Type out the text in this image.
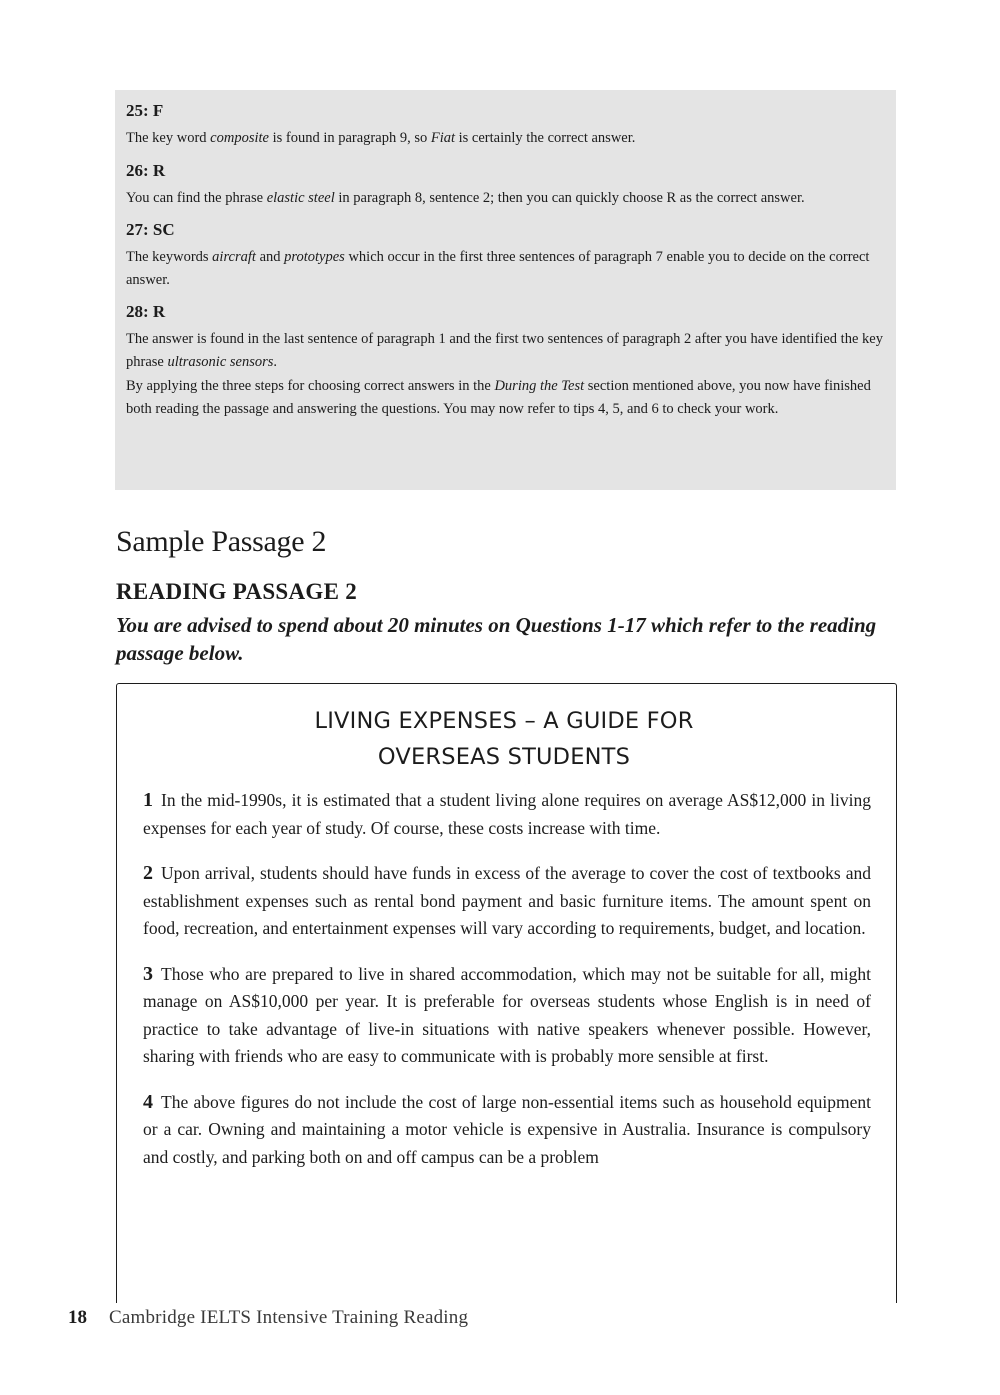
25: F
The key word composite is found in paragraph 9, so Fiat is certainly the correct answer.
26: R
You can find the phrase elastic steel in paragraph 8, sentence 2; then you can quickly choose R as the correct answer.
27: SC
The keywords aircraft and prototypes which occur in the first three sentences of paragraph 7 enable you to decide on the correct answer.
28: R
The answer is found in the last sentence of paragraph 1 and the first two sentences of paragraph 2 after you have identified the key phrase ultrasonic sensors.
By applying the three steps for choosing correct answers in the During the Test section mentioned above, you now have finished both reading the passage and answering the questions. You may now refer to tips 4, 5, and 6 to check your work.
Sample Passage 2
READING PASSAGE 2

You are advised to spend about 20 minutes on Questions 1-17 which refer to the reading passage below.

LIVING EXPENSES – A GUIDE FOR OVERSEAS STUDENTS

1 In the mid-1990s, it is estimated that a student living alone requires on average AS$12,000 in living expenses for each year of study. Of course, these costs increase with time.

2 Upon arrival, students should have funds in excess of the average to cover the cost of textbooks and establishment expenses such as rental bond payment and basic furniture items. The amount spent on food, recreation, and entertainment expenses will vary according to requirements, budget, and location.

3 Those who are prepared to live in shared accommodation, which may not be suitable for all, might manage on AS$10,000 per year. It is preferable for overseas students whose English is in need of practice to take advantage of live-in situations with native speakers whenever possible. However, sharing with friends who are easy to communicate with is probably more sensible at first.

4 The above figures do not include the cost of large non-essential items such as household equipment or a car. Owning and maintaining a motor vehicle is expensive in Australia. Insurance is compulsory and costly, and parking both on and off campus can be a problem

18 Cambridge IELTS Intensive Training Reading
